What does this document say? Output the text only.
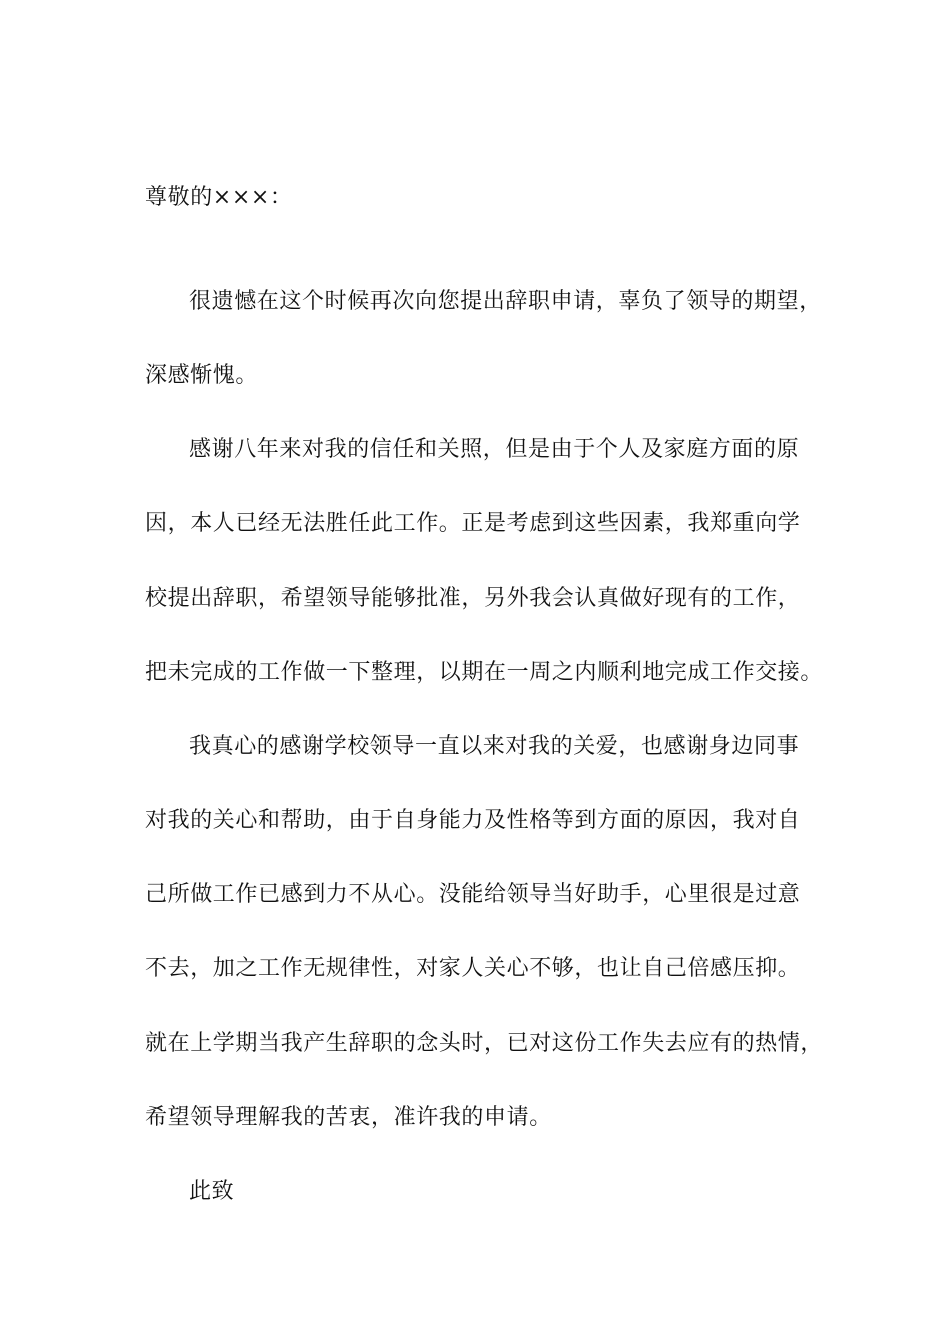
尊敬的×××：
很遗憾在这个时候再次向您提出辞职申请，辜负了领导的期望，
深感惭愧。
感谢八年来对我的信任和关照，但是由于个人及家庭方面的原
因，本人已经无法胜任此工作。正是考虑到这些因素，我郑重向学
校提出辞职，希望领导能够批准，另外我会认真做好现有的工作，
把未完成的工作做一下整理，以期在一周之内顺利地完成工作交接。
我真心的感谢学校领导一直以来对我的关爱，也感谢身边同事
对我的关心和帮助，由于自身能力及性格等到方面的原因，我对自
己所做工作已感到力不从心。没能给领导当好助手，心里很是过意
不去，加之工作无规律性，对家人关心不够，也让自己倍感压抑。
就在上学期当我产生辞职的念头时，已对这份工作失去应有的热情，
希望领导理解我的苦衷，准许我的申请。
此致
